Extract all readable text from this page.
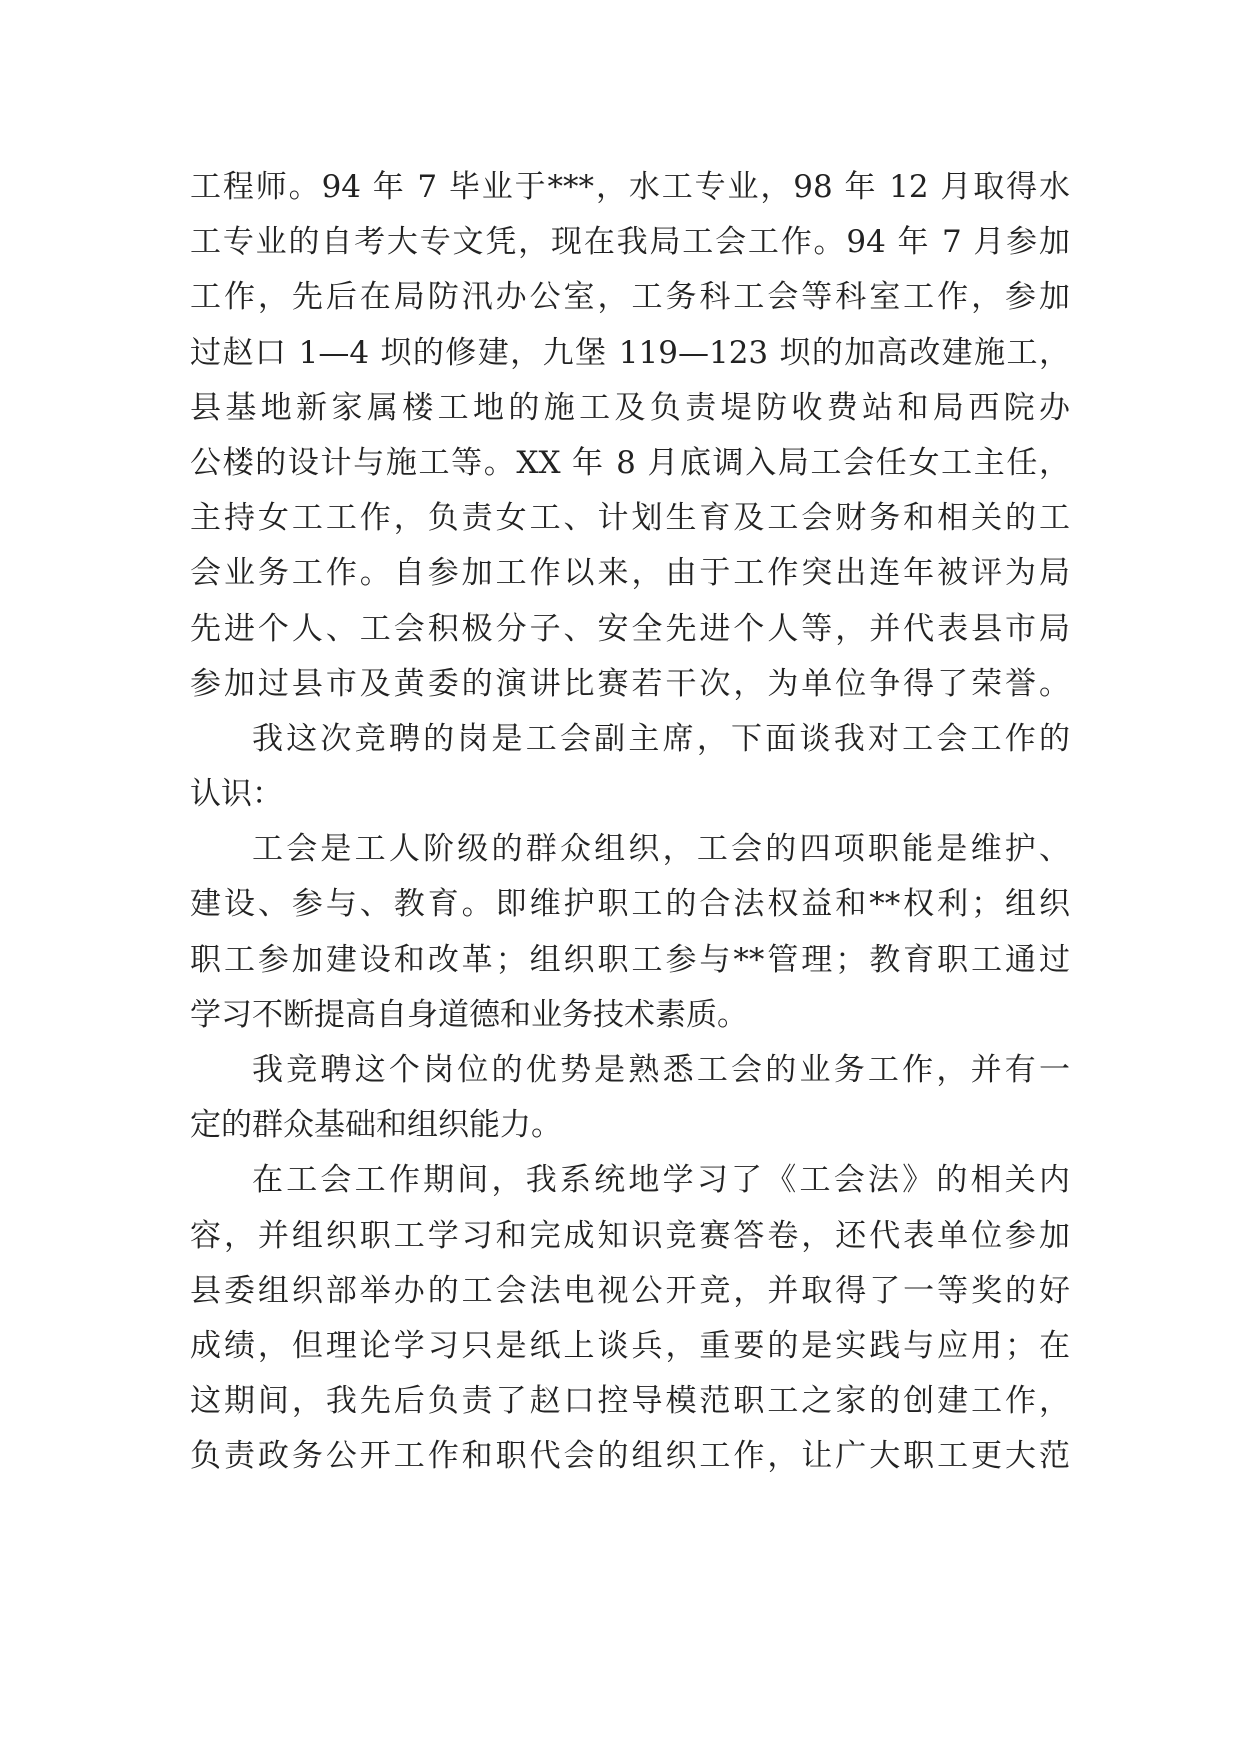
工程师。94 年 7 毕业于***，水工专业，98 年 12 月取得水
工专业的自考大专文凭，现在我局工会工作。94 年 7 月参加
工作，先后在局防汛办公室，工务科工会等科室工作，参加
过赵口 1—4 坝的修建，九堡 119—123 坝的加高改建施工，
县基地新家属楼工地的施工及负责堤防收费站和局西院办
公楼的设计与施工等。XX 年 8 月底调入局工会任女工主任，
主持女工工作，负责女工、计划生育及工会财务和相关的工
会业务工作。自参加工作以来，由于工作突出连年被评为局
先进个人、工会积极分子、安全先进个人等，并代表县市局
参加过县市及黄委的演讲比赛若干次，为单位争得了荣誉。
我这次竞聘的岗是工会副主席，下面谈我对工会工作的
认识：
工会是工人阶级的群众组织，工会的四项职能是维护、
建设、参与、教育。即维护职工的合法权益和**权利；组织
职工参加建设和改革；组织职工参与**管理；教育职工通过
学习不断提高自身道德和业务技术素质。
我竞聘这个岗位的优势是熟悉工会的业务工作，并有一
定的群众基础和组织能力。
在工会工作期间，我系统地学习了《工会法》的相关内
容，并组织职工学习和完成知识竞赛答卷，还代表单位参加
县委组织部举办的工会法电视公开竞，并取得了一等奖的好
成绩，但理论学习只是纸上谈兵，重要的是实践与应用；在
这期间，我先后负责了赵口控导模范职工之家的创建工作，
负责政务公开工作和职代会的组织工作，让广大职工更大范
